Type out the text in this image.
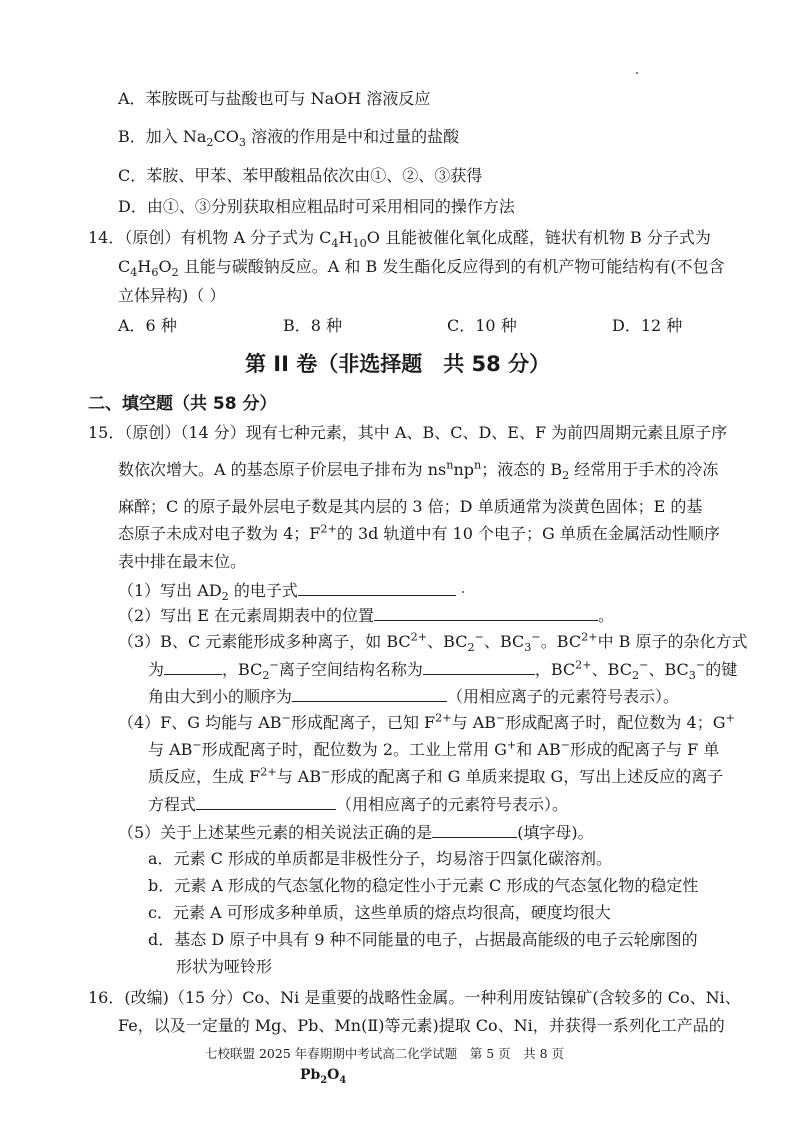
A．苯胺既可与盐酸也可与 NaOH 溶液反应
B．加入 $Na_2CO_3$ 溶液的作用是中和过量的盐酸
C．苯胺、甲苯、苯甲酸粗品依次由①、②、③获得
D．由①、③分别获取相应粗品时可采用相同的操作方法
14．（原创）有机物 A 分子式为 $C_4H_{10}O$ 且能被催化氧化成醛，链状有机物 B 分子式为
$C_4H_6O_2$ 且能与碳酸钠反应。A 和 B 发生酯化反应得到的有机产物可能结构有(不包含
立体异构)（ ）
A．6 种	B．8 种	C．10 种	D．12 种
第 II 卷（非选择题　共 58 分）
二、填空题（共 58 分）
15．（原创）（14 分）现有七种元素，其中 A、B、C、D、E、F 为前四周期元素且原子序
数依次增大。A 的基态原子价层电子排布为 $ns^nnp^n$；液态的 $B_2$ 经常用于手术的冷冻
麻醉；C 的原子最外层电子数是其内层的 3 倍；D 单质通常为淡黄色固体；E 的基
态原子未成对电子数为 4；$F^{2+}$的 3d 轨道中有 10 个电子；G 单质在金属活动性顺序
表中排在最末位。
（1）写出 $AD_2$ 的电子式
（2）写出 E 在元素周期表中的位置	。
（3）B、C 元素能形成多种离子，如 $BC^{2+}$、$BC_2^-$、$BC_3^-$。$BC^{2+}$中 B 原子的杂化方式
为	，$BC_2^-$离子空间结构名称为	，$BC^{2+}$、$BC_2^-$、$BC_3^-$的键
角由大到小的顺序为	（用相应离子的元素符号表示）。
（4）F、G 均能与 AB−形成配离子，已知 $F^{2+}$与 AB−形成配离子时，配位数为 4；G+
与 AB−形成配离子时，配位数为 2。工业上常用 G+和 AB−形成的配离子与 F 单
质反应，生成 $F^{2+}$与 AB−形成的配离子和 G 单质来提取 G，写出上述反应的离子
方程式	（用相应离子的元素符号表示）。
（5）关于上述某些元素的相关说法正确的是	(填字母)。
a．元素 C 形成的单质都是非极性分子，均易溶于四氯化碳溶剂。
b．元素 A 形成的气态氢化物的稳定性小于元素 C 形成的气态氢化物的稳定性
c．元素 A 可形成多种单质，这些单质的熔点均很高，硬度均很大
d．基态 D 原子中具有 9 种不同能量的电子，占据最高能级的电子云轮廓图的
形状为哑铃形
16．(改编)（15 分）Co、Ni 是重要的战略性金属。一种利用废钴镍矿(含较多的 Co、Ni、
Fe，以及一定量的 Mg、Pb、Mn(Ⅱ)等元素)提取 Co、Ni，并获得一系列化工产品的
七校联盟 2025 年春期期中考试高二化学试题　第 5 页　共 8 页
$Pb_2O_4$
